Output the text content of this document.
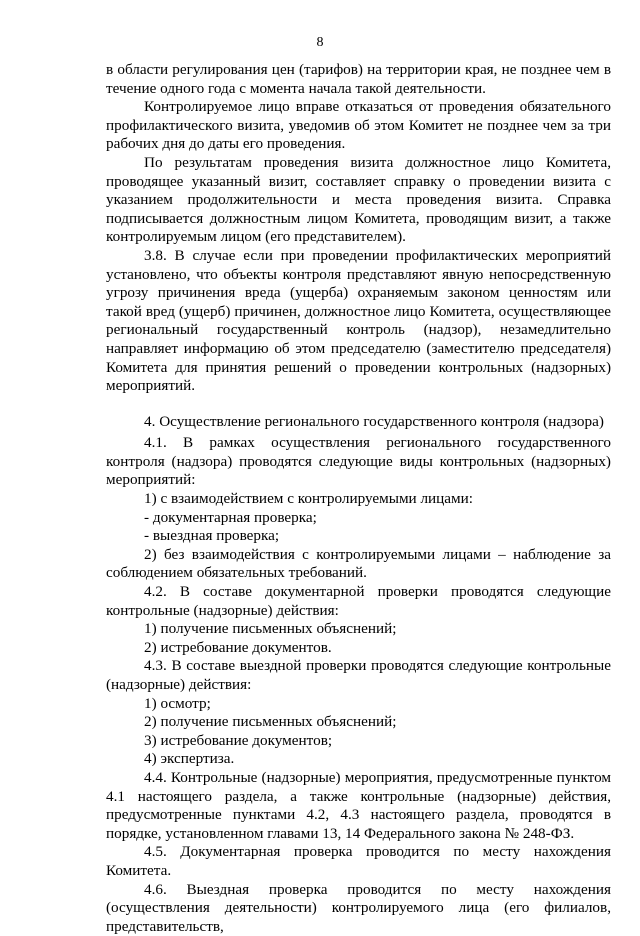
8

в области регулирования цен (тарифов) на территории края, не позднее чем в течение одного года с момента начала такой деятельности.

Контролируемое лицо вправе отказаться от проведения обязательного профилактического визита, уведомив об этом Комитет не позднее чем за три рабочих дня до даты его проведения.

По результатам проведения визита должностное лицо Комитета, проводящее указанный визит, составляет справку о проведении визита с указанием продолжительности и места проведения визита. Справка подписывается должностным лицом Комитета, проводящим визит, а также контролируемым лицом (его представителем).

3.8. В случае если при проведении профилактических мероприятий установлено, что объекты контроля представляют явную непосредственную угрозу причинения вреда (ущерба) охраняемым законом ценностям или такой вред (ущерб) причинен, должностное лицо Комитета, осуществляющее региональный государственный контроль (надзор), незамедлительно направляет информацию об этом председателю (заместителю председателя) Комитета для принятия решений о проведении контрольных (надзорных) мероприятий.

4. Осуществление регионального государственного контроля (надзора)

4.1. В рамках осуществления регионального государственного контроля (надзора) проводятся следующие виды контрольных (надзорных) мероприятий:

1) с взаимодействием с контролируемыми лицами:

- документарная проверка;

- выездная проверка;

2) без взаимодействия с контролируемыми лицами – наблюдение за соблюдением обязательных требований.

4.2. В составе документарной проверки проводятся следующие контрольные (надзорные) действия:

1) получение письменных объяснений;

2) истребование документов.

4.3. В составе выездной проверки проводятся следующие контрольные (надзорные) действия:

1) осмотр;

2) получение письменных объяснений;

3) истребование документов;

4) экспертиза.

4.4. Контрольные (надзорные) мероприятия, предусмотренные пунктом 4.1 настоящего раздела, а также контрольные (надзорные) действия, предусмотренные пунктами 4.2, 4.3 настоящего раздела, проводятся в порядке, установленном главами 13, 14 Федерального закона № 248-ФЗ.

4.5. Документарная проверка проводится по месту нахождения Комитета.

4.6. Выездная проверка проводится по месту нахождения (осуществления деятельности) контролируемого лица (его филиалов, представительств,
